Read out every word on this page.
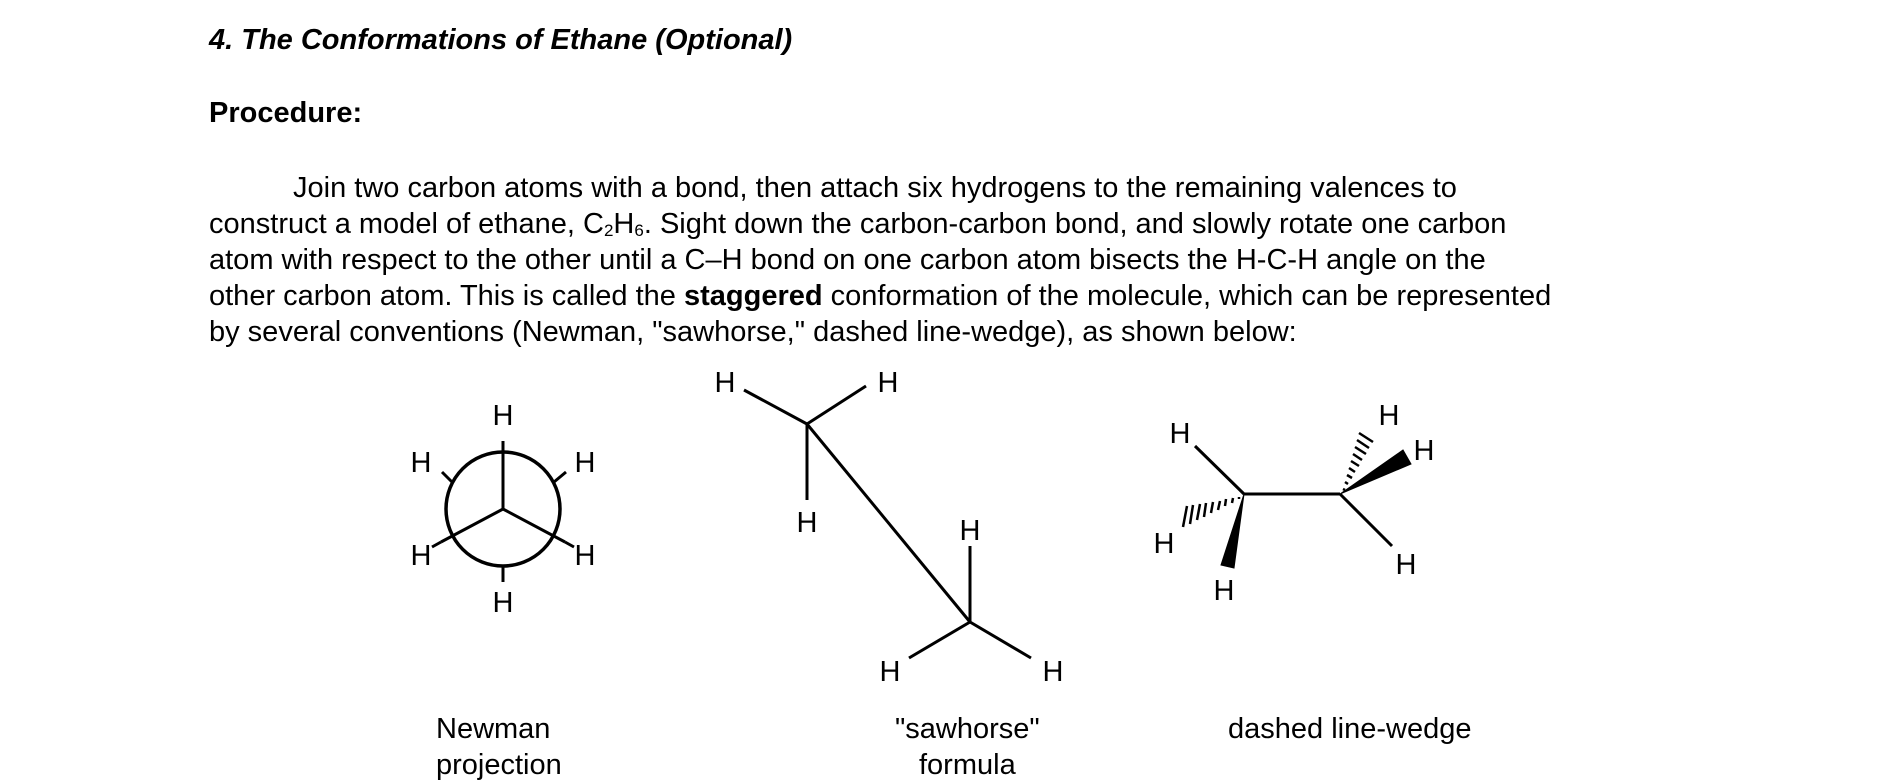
4. The Conformations of Ethane (Optional)
Procedure:
Join two carbon atoms with a bond, then attach six hydrogens to the remaining valences to
construct a model of ethane, $C_2H_6$. Sight down the carbon-carbon bond, and slowly rotate one carbon
atom with respect to the other until a C–H bond on one carbon atom bisects the H-C-H angle on the
other carbon atom. This is called the staggered conformation of the molecule, which can be represented
by several conventions (Newman, "sawhorse," dashed line-wedge), as shown below:
H
H	H
H	H
H
H	H
H	H
H	H
H
H
H
H
H
H
Newman
projection
"sawhorse"
formula
dashed line-wedge
